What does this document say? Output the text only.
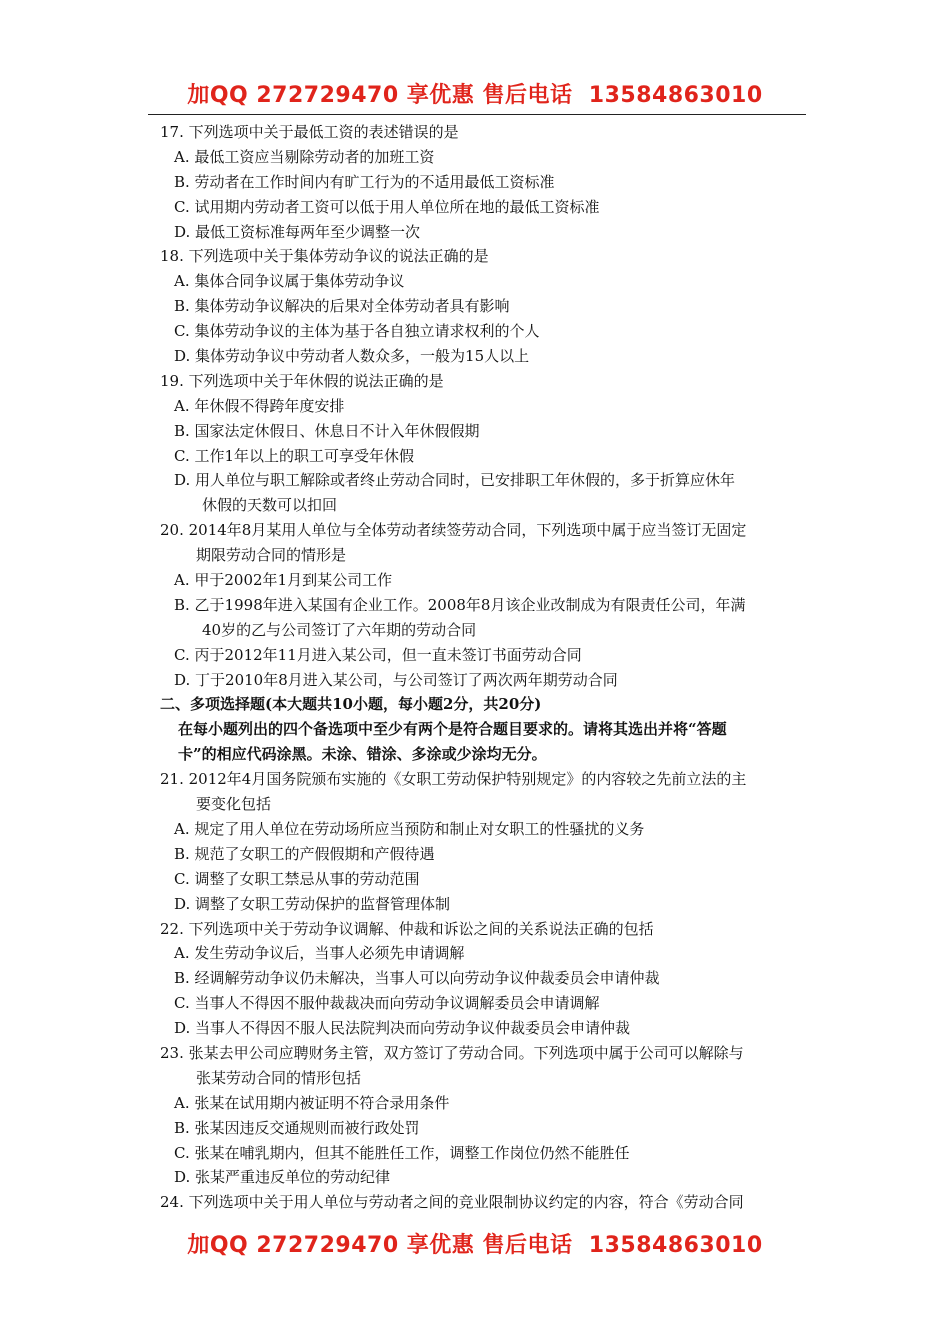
加QQ 272729470 享优惠 售后电话  13584863010
17. 下列选项中关于最低工资的表述错误的是
A. 最低工资应当剔除劳动者的加班工资
B. 劳动者在工作时间内有旷工行为的不适用最低工资标准
C. 试用期内劳动者工资可以低于用人单位所在地的最低工资标准
D. 最低工资标准每两年至少调整一次
18. 下列选项中关于集体劳动争议的说法正确的是
A. 集体合同争议属于集体劳动争议
B. 集体劳动争议解决的后果对全体劳动者具有影响
C. 集体劳动争议的主体为基于各自独立请求权利的个人
D. 集体劳动争议中劳动者人数众多，一般为15人以上
19. 下列选项中关于年休假的说法正确的是
A. 年休假不得跨年度安排
B. 国家法定休假日、休息日不计入年休假假期
C. 工作1年以上的职工可享受年休假
D. 用人单位与职工解除或者终止劳动合同时，已安排职工年休假的，多于折算应休年
休假的天数可以扣回
20. 2014年8月某用人单位与全体劳动者续签劳动合同，下列选项中属于应当签订无固定
期限劳动合同的情形是
A. 甲于2002年1月到某公司工作
B. 乙于1998年进入某国有企业工作。2008年8月该企业改制成为有限责任公司，年满
40岁的乙与公司签订了六年期的劳动合同
C. 丙于2012年11月进入某公司，但一直未签订书面劳动合同
D. 丁于2010年8月进入某公司，与公司签订了两次两年期劳动合同
二、多项选择题(本大题共10小题，每小题2分，共20分)
在每小题列出的四个备选项中至少有两个是符合题目要求的。请将其选出并将“答题
卡”的相应代码涂黑。未涂、错涂、多涂或少涂均无分。
21. 2012年4月国务院颁布实施的《女职工劳动保护特别规定》的内容较之先前立法的主
要变化包括
A. 规定了用人单位在劳动场所应当预防和制止对女职工的性骚扰的义务
B. 规范了女职工的产假假期和产假待遇
C. 调整了女职工禁忌从事的劳动范围
D. 调整了女职工劳动保护的监督管理体制
22. 下列选项中关于劳动争议调解、仲裁和诉讼之间的关系说法正确的包括
A. 发生劳动争议后，当事人必须先申请调解
B. 经调解劳动争议仍未解决，当事人可以向劳动争议仲裁委员会申请仲裁
C. 当事人不得因不服仲裁裁决而向劳动争议调解委员会申请调解
D. 当事人不得因不服人民法院判决而向劳动争议仲裁委员会申请仲裁
23. 张某去甲公司应聘财务主管，双方签订了劳动合同。下列选项中属于公司可以解除与
张某劳动合同的情形包括
A. 张某在试用期内被证明不符合录用条件
B. 张某因违反交通规则而被行政处罚
C. 张某在哺乳期内，但其不能胜任工作，调整工作岗位仍然不能胜任
D. 张某严重违反单位的劳动纪律
24. 下列选项中关于用人单位与劳动者之间的竞业限制协议约定的内容，符合《劳动合同
加QQ 272729470 享优惠 售后电话  13584863010
